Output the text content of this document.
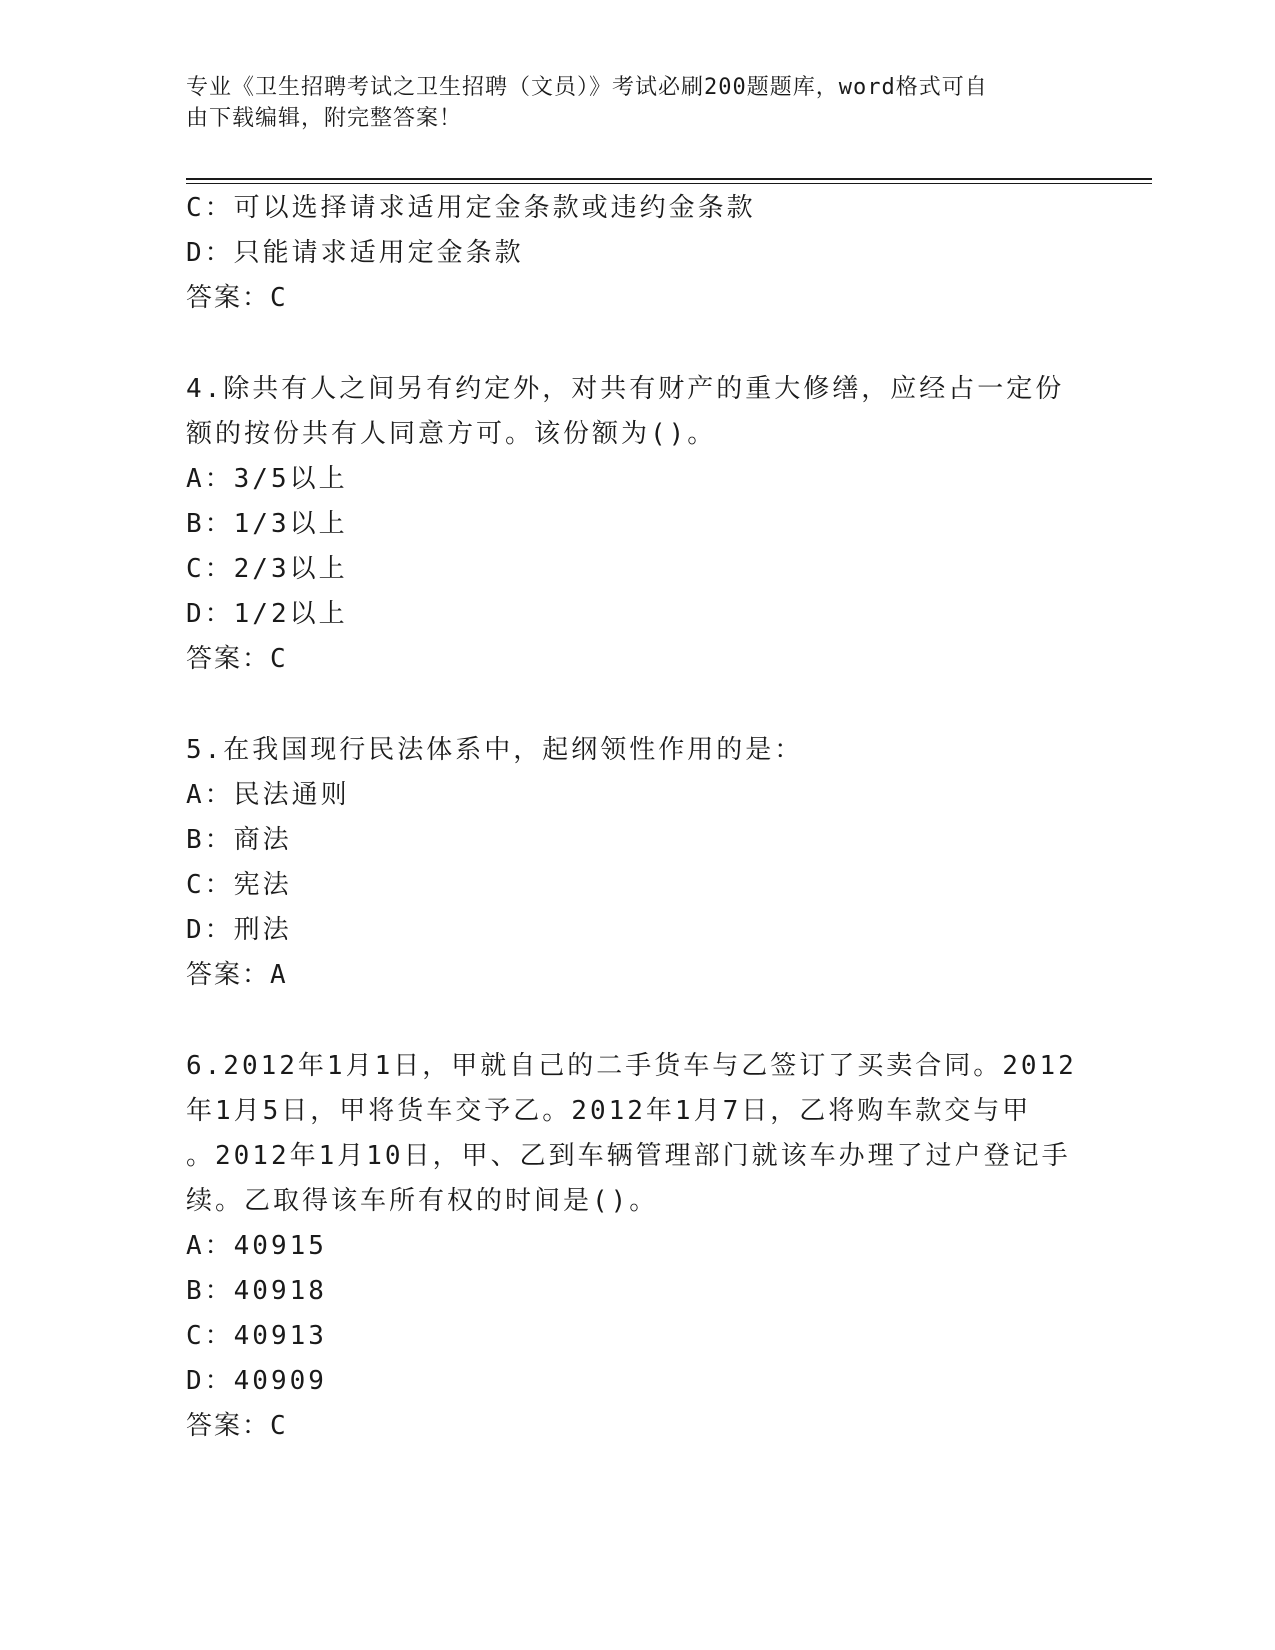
专业《卫生招聘考试之卫生招聘（文员）》考试必刷200题题库，word格式可自
由下载编辑，附完整答案！
C：可以选择请求适用定金条款或违约金条款
D：只能请求适用定金条款
答案：C
4.除共有人之间另有约定外，对共有财产的重大修缮，应经占一定份
额的按份共有人同意方可。该份额为()。
A：3/5以上
B：1/3以上
C：2/3以上
D：1/2以上
答案：C
5.在我国现行民法体系中，起纲领性作用的是：
A：民法通则
B：商法
C：宪法
D：刑法
答案：A
6.2012年1月1日，甲就自己的二手货车与乙签订了买卖合同。2012
年1月5日，甲将货车交予乙。2012年1月7日，乙将购车款交与甲
。2012年1月10日，甲、乙到车辆管理部门就该车办理了过户登记手
续。乙取得该车所有权的时间是()。
A：40915
B：40918
C：40913
D：40909
答案：C
